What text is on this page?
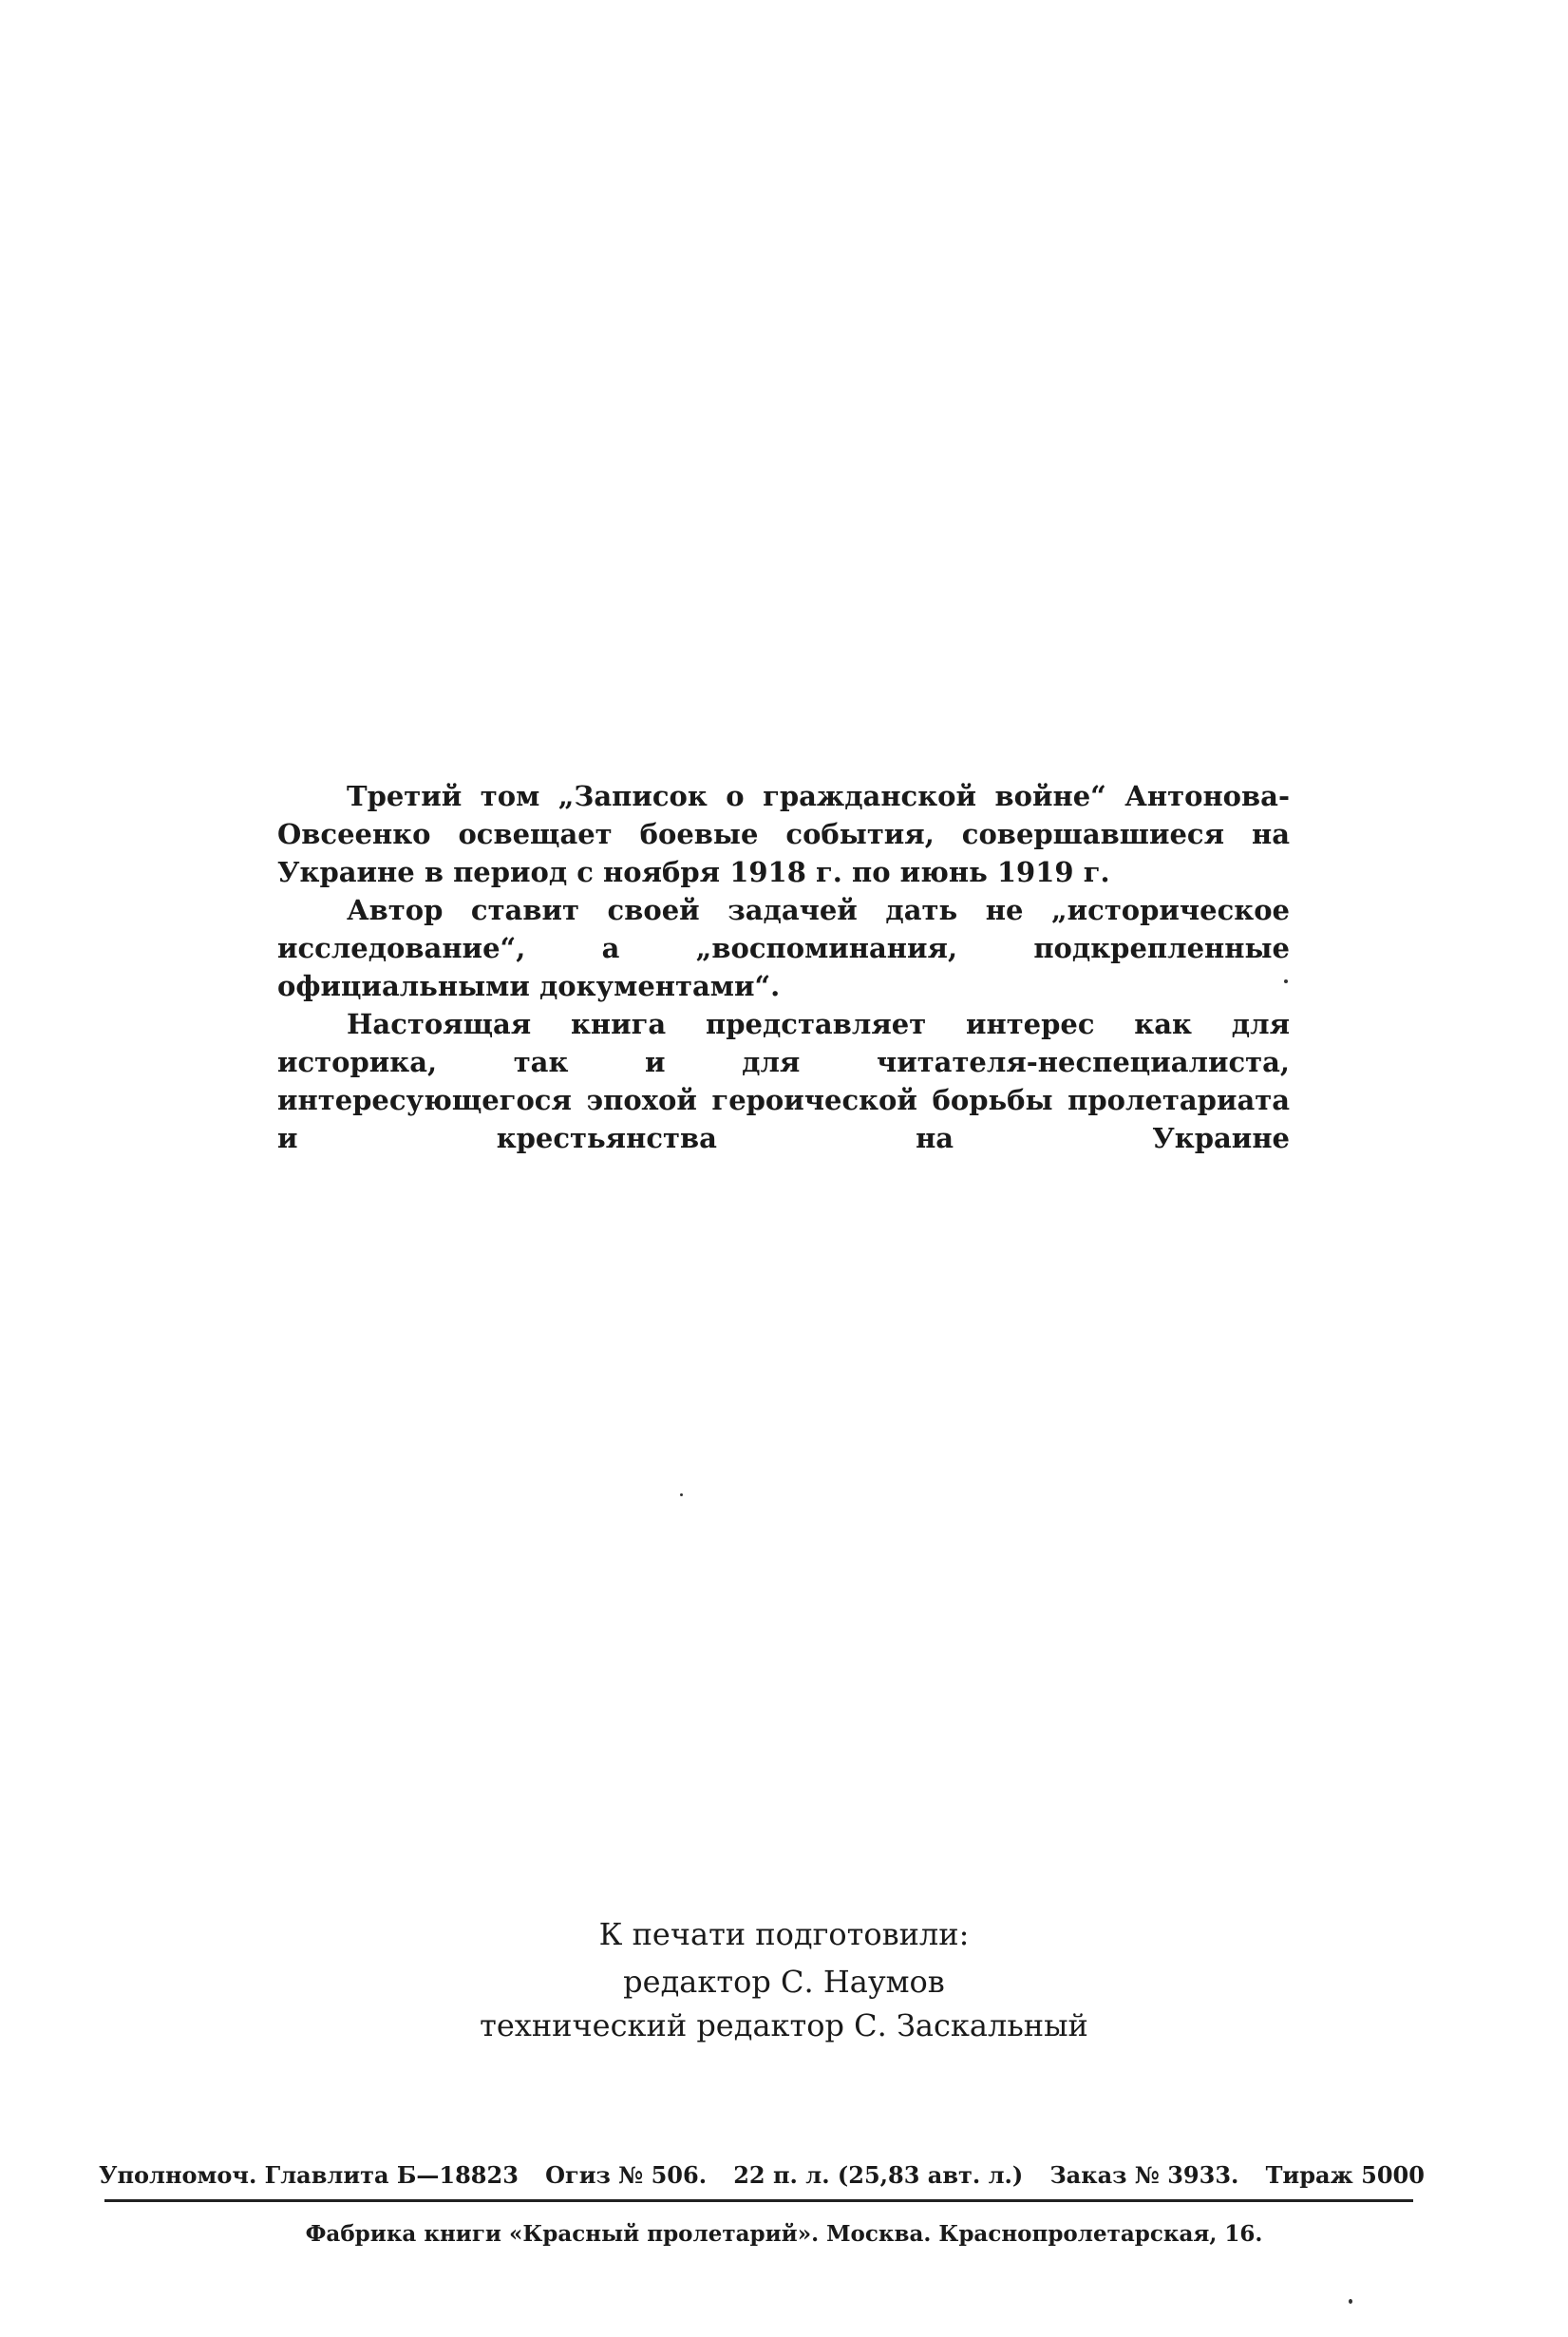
Третий том „Записок о гражданской войне“ Антонова-Овсеенко освещает боевые события, совершавшиеся на Украине в период с ноября 1918 г. по июнь 1919 г.

Автор ставит своей задачей дать не „историческое исследование“, а „воспоминания, подкрепленные официальными документами“.

Настоящая книга представляет интерес как для историка, так и для читателя-неспециалиста, интересующегося эпохой героической борьбы пролетариата и крестьянства на Украине

К печати подготовили:
редактор С. Наумов
технический редактор С. Заскальный
Уполномоч. Главлита Б—18823 Огиз № 506. 22 п. л. (25,83 авт. л.) Заказ № 3933. Тираж 5000
Фабрика книги «Красный пролетарий». Москва. Краснопролетарская, 16.
